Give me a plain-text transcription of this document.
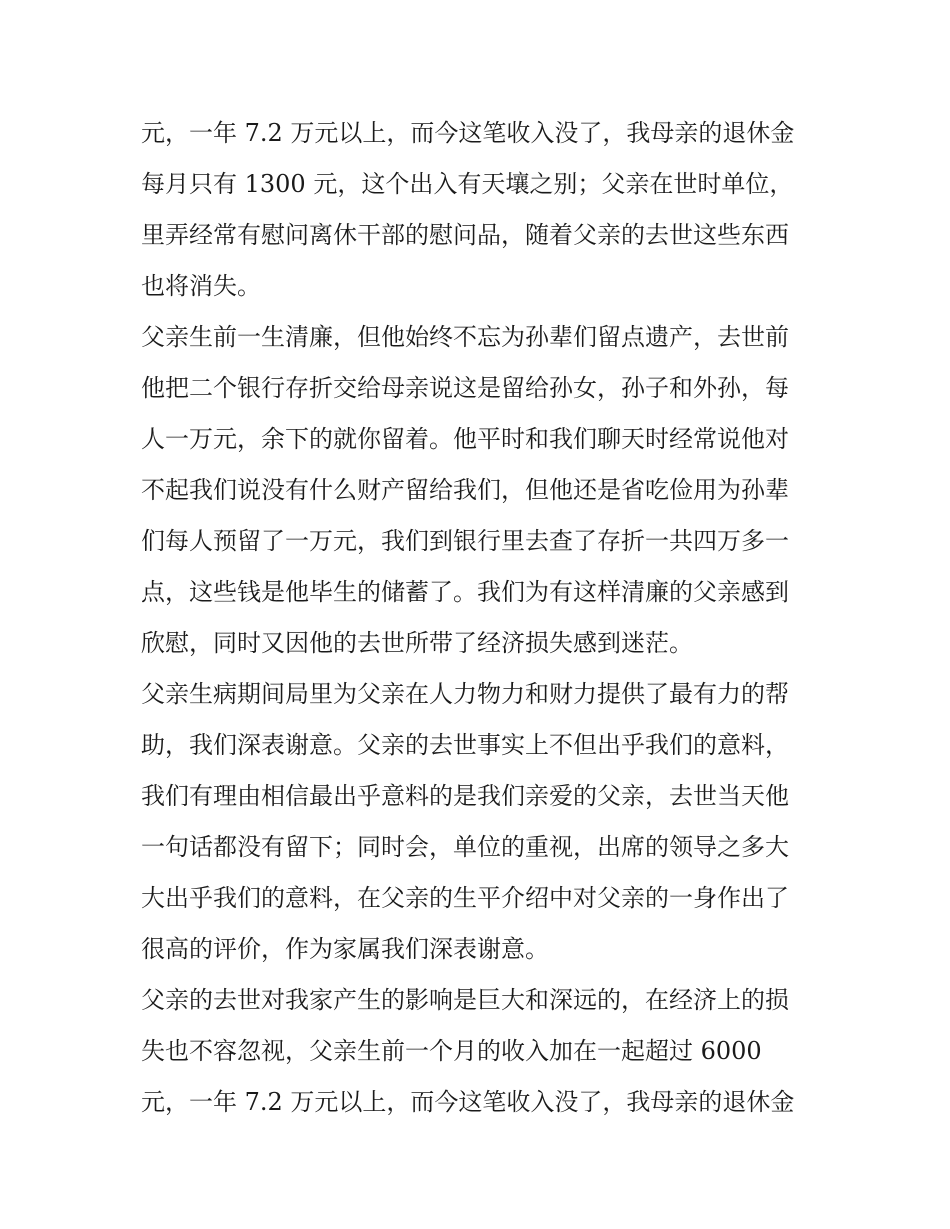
元，一年 7.2 万元以上，而今这笔收入没了，我母亲的退休金
每月只有 1300 元，这个出入有天壤之别；父亲在世时单位，
里弄经常有慰问离休干部的慰问品，随着父亲的去世这些东西
也将消失。
父亲生前一生清廉，但他始终不忘为孙辈们留点遗产，去世前
他把二个银行存折交给母亲说这是留给孙女，孙子和外孙，每
人一万元，余下的就你留着。他平时和我们聊天时经常说他对
不起我们说没有什么财产留给我们，但他还是省吃俭用为孙辈
们每人预留了一万元，我们到银行里去查了存折一共四万多一
点，这些钱是他毕生的储蓄了。我们为有这样清廉的父亲感到
欣慰，同时又因他的去世所带了经济损失感到迷茫。
父亲生病期间局里为父亲在人力物力和财力提供了最有力的帮
助，我们深表谢意。父亲的去世事实上不但出乎我们的意料，
我们有理由相信最出乎意料的是我们亲爱的父亲，去世当天他
一句话都没有留下；同时会，单位的重视，出席的领导之多大
大出乎我们的意料，在父亲的生平介绍中对父亲的一身作出了
很高的评价，作为家属我们深表谢意。
父亲的去世对我家产生的影响是巨大和深远的，在经济上的损
失也不容忽视，父亲生前一个月的收入加在一起超过 6000
元，一年 7.2 万元以上，而今这笔收入没了，我母亲的退休金
